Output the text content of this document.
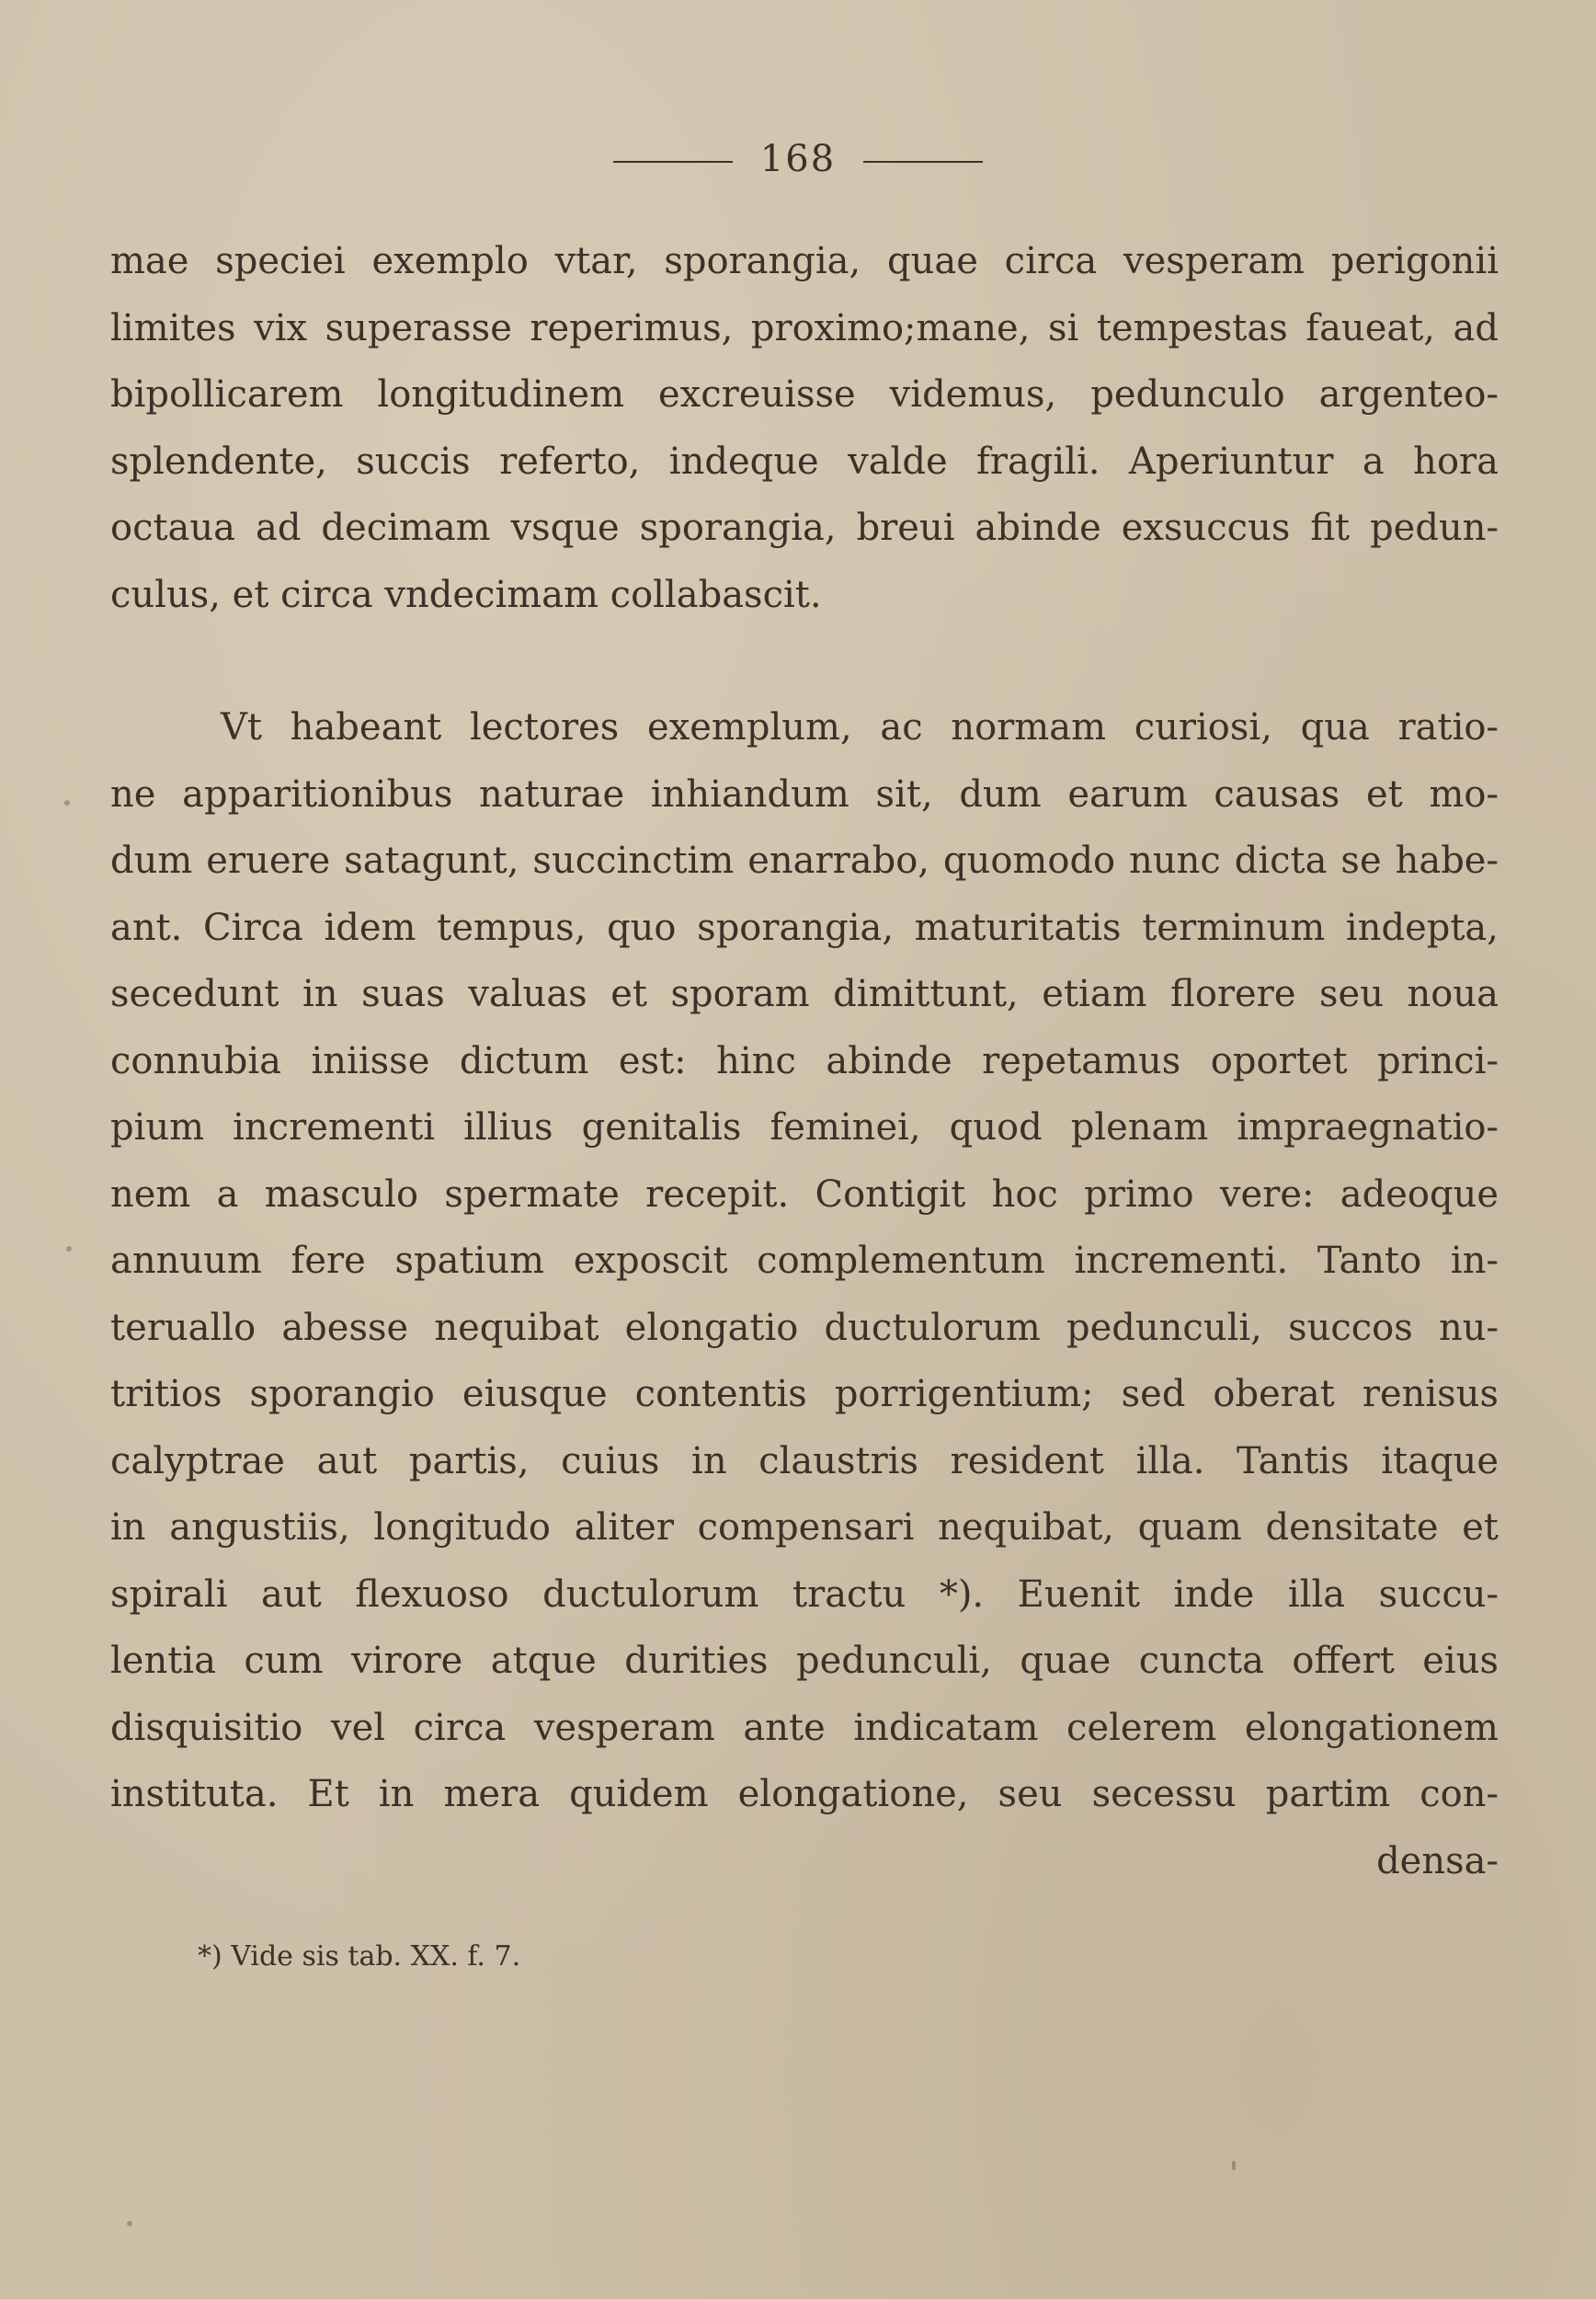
168
mae speciei exemplo vtar, sporangia, quae circa vesperam perigonii
limites vix superasse reperimus, proximo;mane, si tempestas faueat, ad
bipollicarem longitudinem excreuisse videmus, pedunculo argenteo-
splendente, succis referto, indeque valde fragili. Aperiuntur a hora
octaua ad decimam vsque sporangia, breui abinde exsuccus fit pedun-
culus, et circa vndecimam collabascit.
Vt habeant lectores exemplum, ac normam curiosi, qua ratio-
ne apparitionibus naturae inhiandum sit, dum earum causas et mo-
dum eruere satagunt, succinctim enarrabo, quomodo nunc dicta se habe-
ant. Circa idem tempus, quo sporangia, maturitatis terminum indepta,
secedunt in suas valuas et sporam dimittunt, etiam florere seu noua
connubia iniisse dictum est: hinc abinde repetamus oportet princi-
pium incrementi illius genitalis feminei, quod plenam impraegnatio-
nem a masculo spermate recepit. Contigit hoc primo vere: adeoque
annuum fere spatium exposcit complementum incrementi. Tanto in-
teruallo abesse nequibat elongatio ductulorum pedunculi, succos nu-
tritios sporangio eiusque contentis porrigentium; sed oberat renisus
calyptrae aut partis, cuius in claustris resident illa. Tantis itaque
in angustiis, longitudo aliter compensari nequibat, quam densitate et
spirali aut flexuoso ductulorum tractu *). Euenit inde illa succu-
lentia cum virore atque durities pedunculi, quae cuncta offert eius
disquisitio vel circa vesperam ante indicatam celerem elongationem
instituta. Et in mera quidem elongatione, seu secessu partim con-
densa-
*) Vide sis tab. XX. f. 7.
